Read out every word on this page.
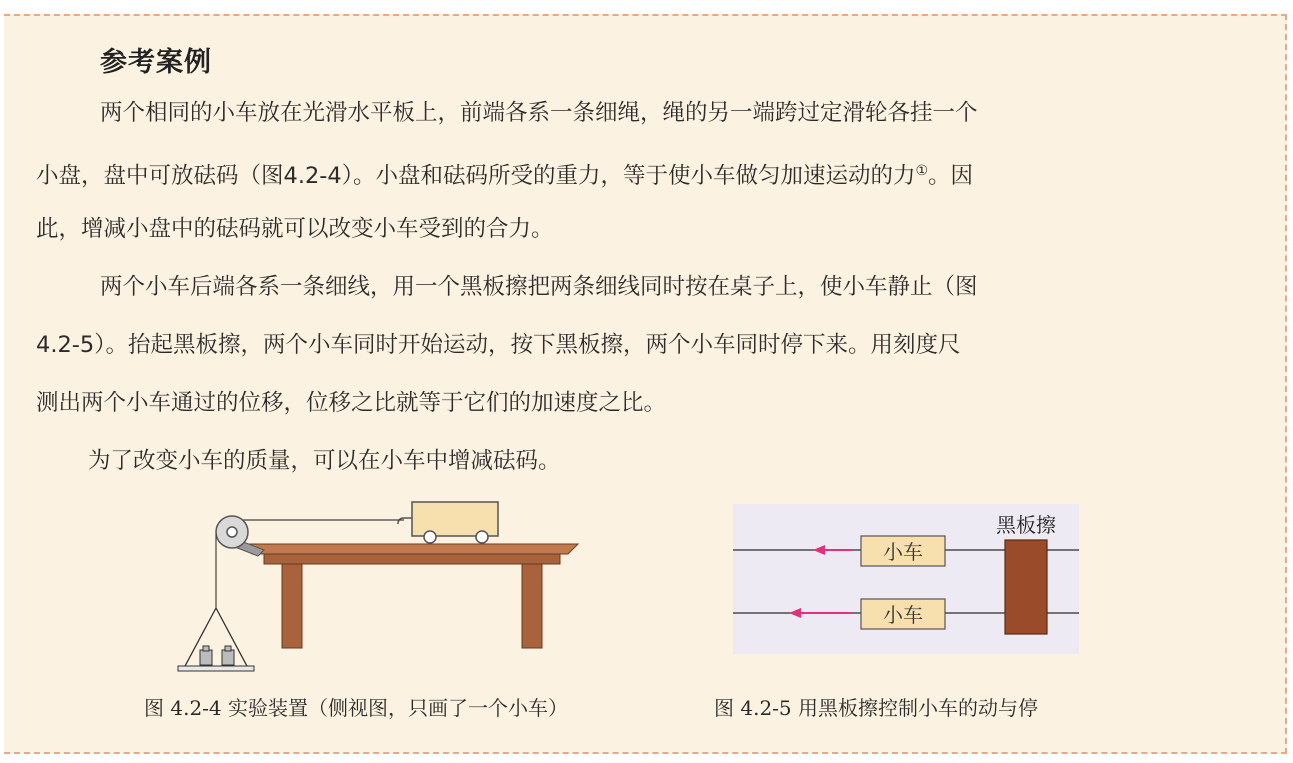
参考案例
两个相同的小车放在光滑水平板上，前端各系一条细绳，绳的另一端跨过定滑轮各挂一个
小盘，盘中可放砝码（图4.2-4）。小盘和砝码所受的重力，等于使小车做匀加速运动的力①。因
此，增减小盘中的砝码就可以改变小车受到的合力。
两个小车后端各系一条细线，用一个黑板擦把两条细线同时按在桌子上，使小车静止（图
4.2-5）。抬起黑板擦，两个小车同时开始运动，按下黑板擦，两个小车同时停下来。用刻度尺
测出两个小车通过的位移，位移之比就等于它们的加速度之比。
为了改变小车的质量，可以在小车中增减砝码。
小车
小车
黑板擦
图 4.2-4 实验装置（侧视图，只画了一个小车）	图 4.2-5 用黑板擦控制小车的动与停
